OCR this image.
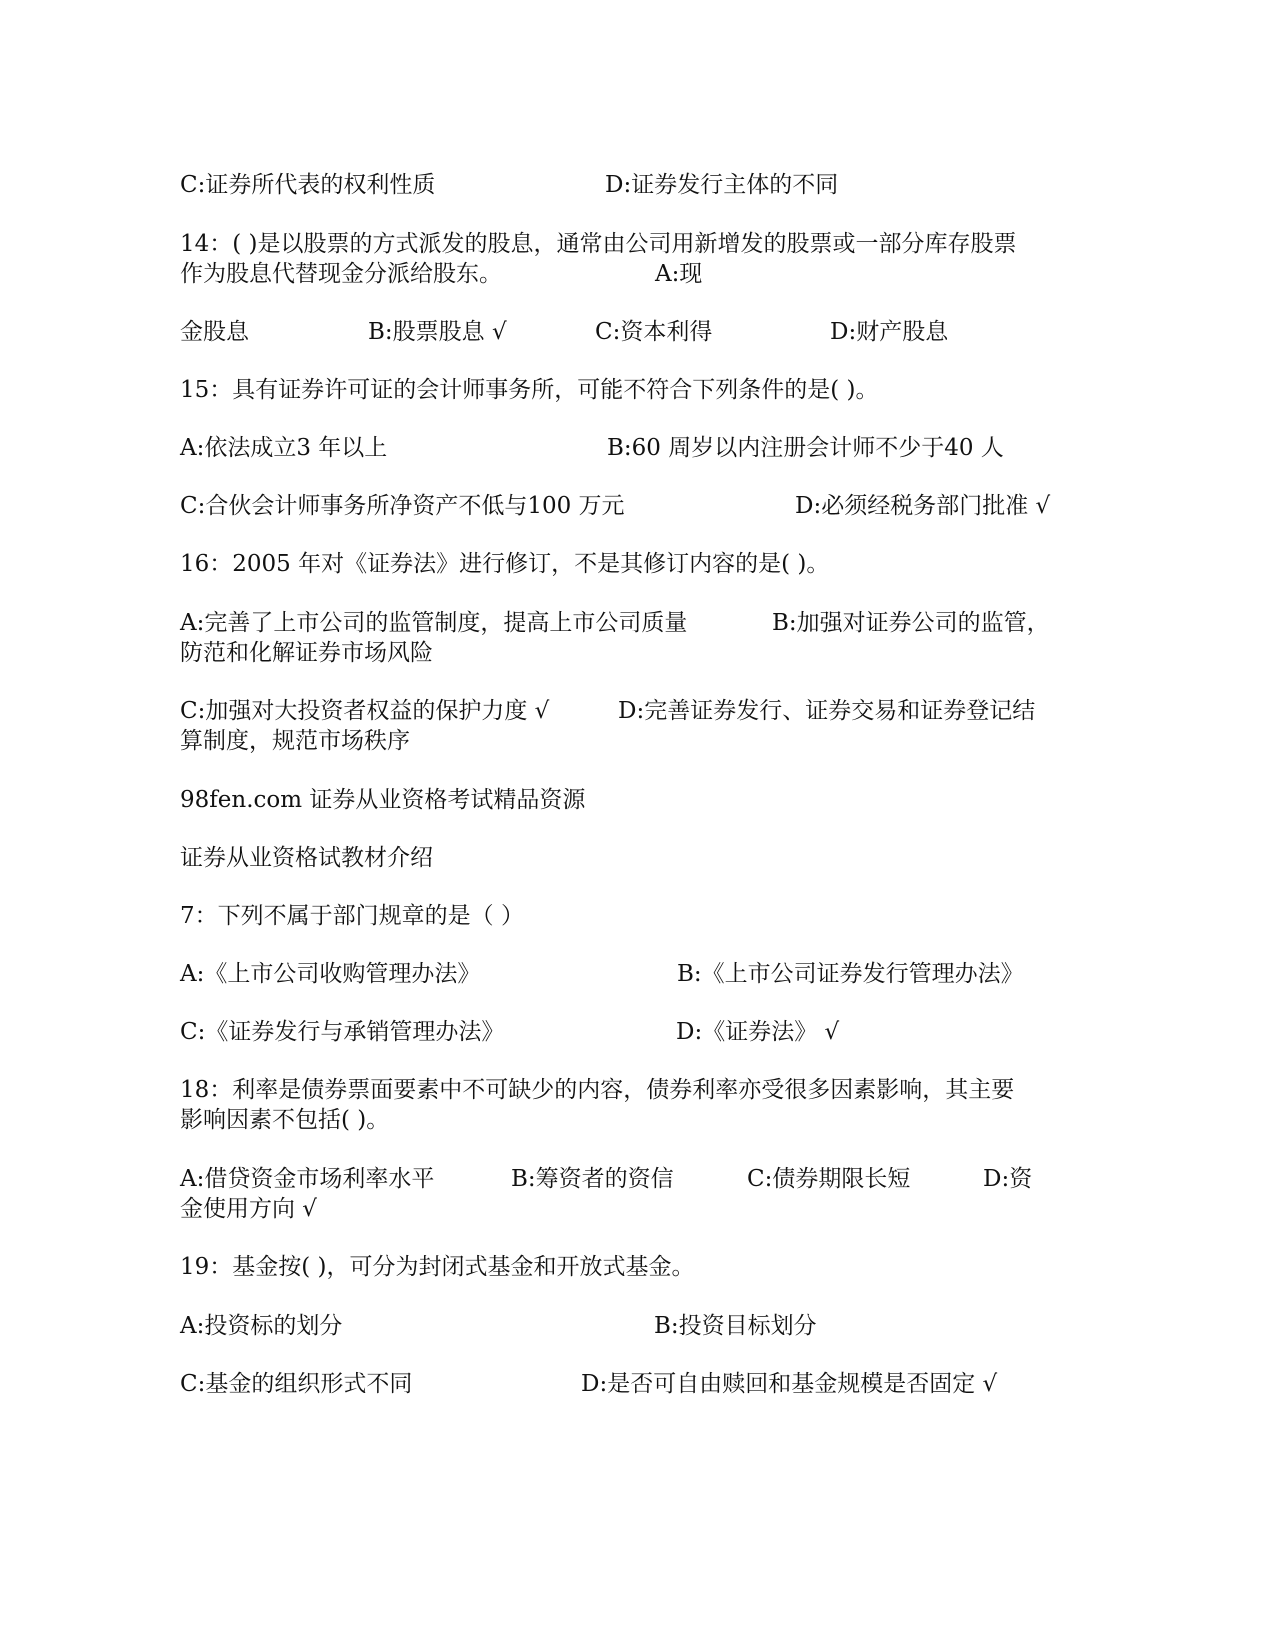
C:证券所代表的权利性质	D:证券发行主体的不同
14：( )是以股票的方式派发的股息，通常由公司用新增发的股票或一部分库存股票
作为股息代替现金分派给股东。	A:现
金股息	B:股票股息 √	C:资本利得	D:财产股息
15：具有证券许可证的会计师事务所，可能不符合下列条件的是( )。
A:依法成立3 年以上	B:60 周岁以内注册会计师不少于40 人
C:合伙会计师事务所净资产不低与100 万元	D:必须经税务部门批准 √
16：2005 年对《证券法》进行修订，不是其修订内容的是( )。
A:完善了上市公司的监管制度，提高上市公司质量	B:加强对证券公司的监管，
防范和化解证券市场风险
C:加强对大投资者权益的保护力度 √	D:完善证券发行、证券交易和证券登记结
算制度，规范市场秩序
98fen.com 证券从业资格考试精品资源
证券从业资格试教材介绍
7：下列不属于部门规章的是（ ）
A:《上市公司收购管理办法》	B:《上市公司证券发行管理办法》
C:《证券发行与承销管理办法》	D:《证券法》 √
18：利率是债券票面要素中不可缺少的内容，债券利率亦受很多因素影响，其主要
影响因素不包括( )。
A:借贷资金市场利率水平	B:筹资者的资信	C:债券期限长短	D:资
金使用方向 √
19：基金按( )，可分为封闭式基金和开放式基金。
A:投资标的划分	B:投资目标划分
C:基金的组织形式不同	D:是否可自由赎回和基金规模是否固定 √
